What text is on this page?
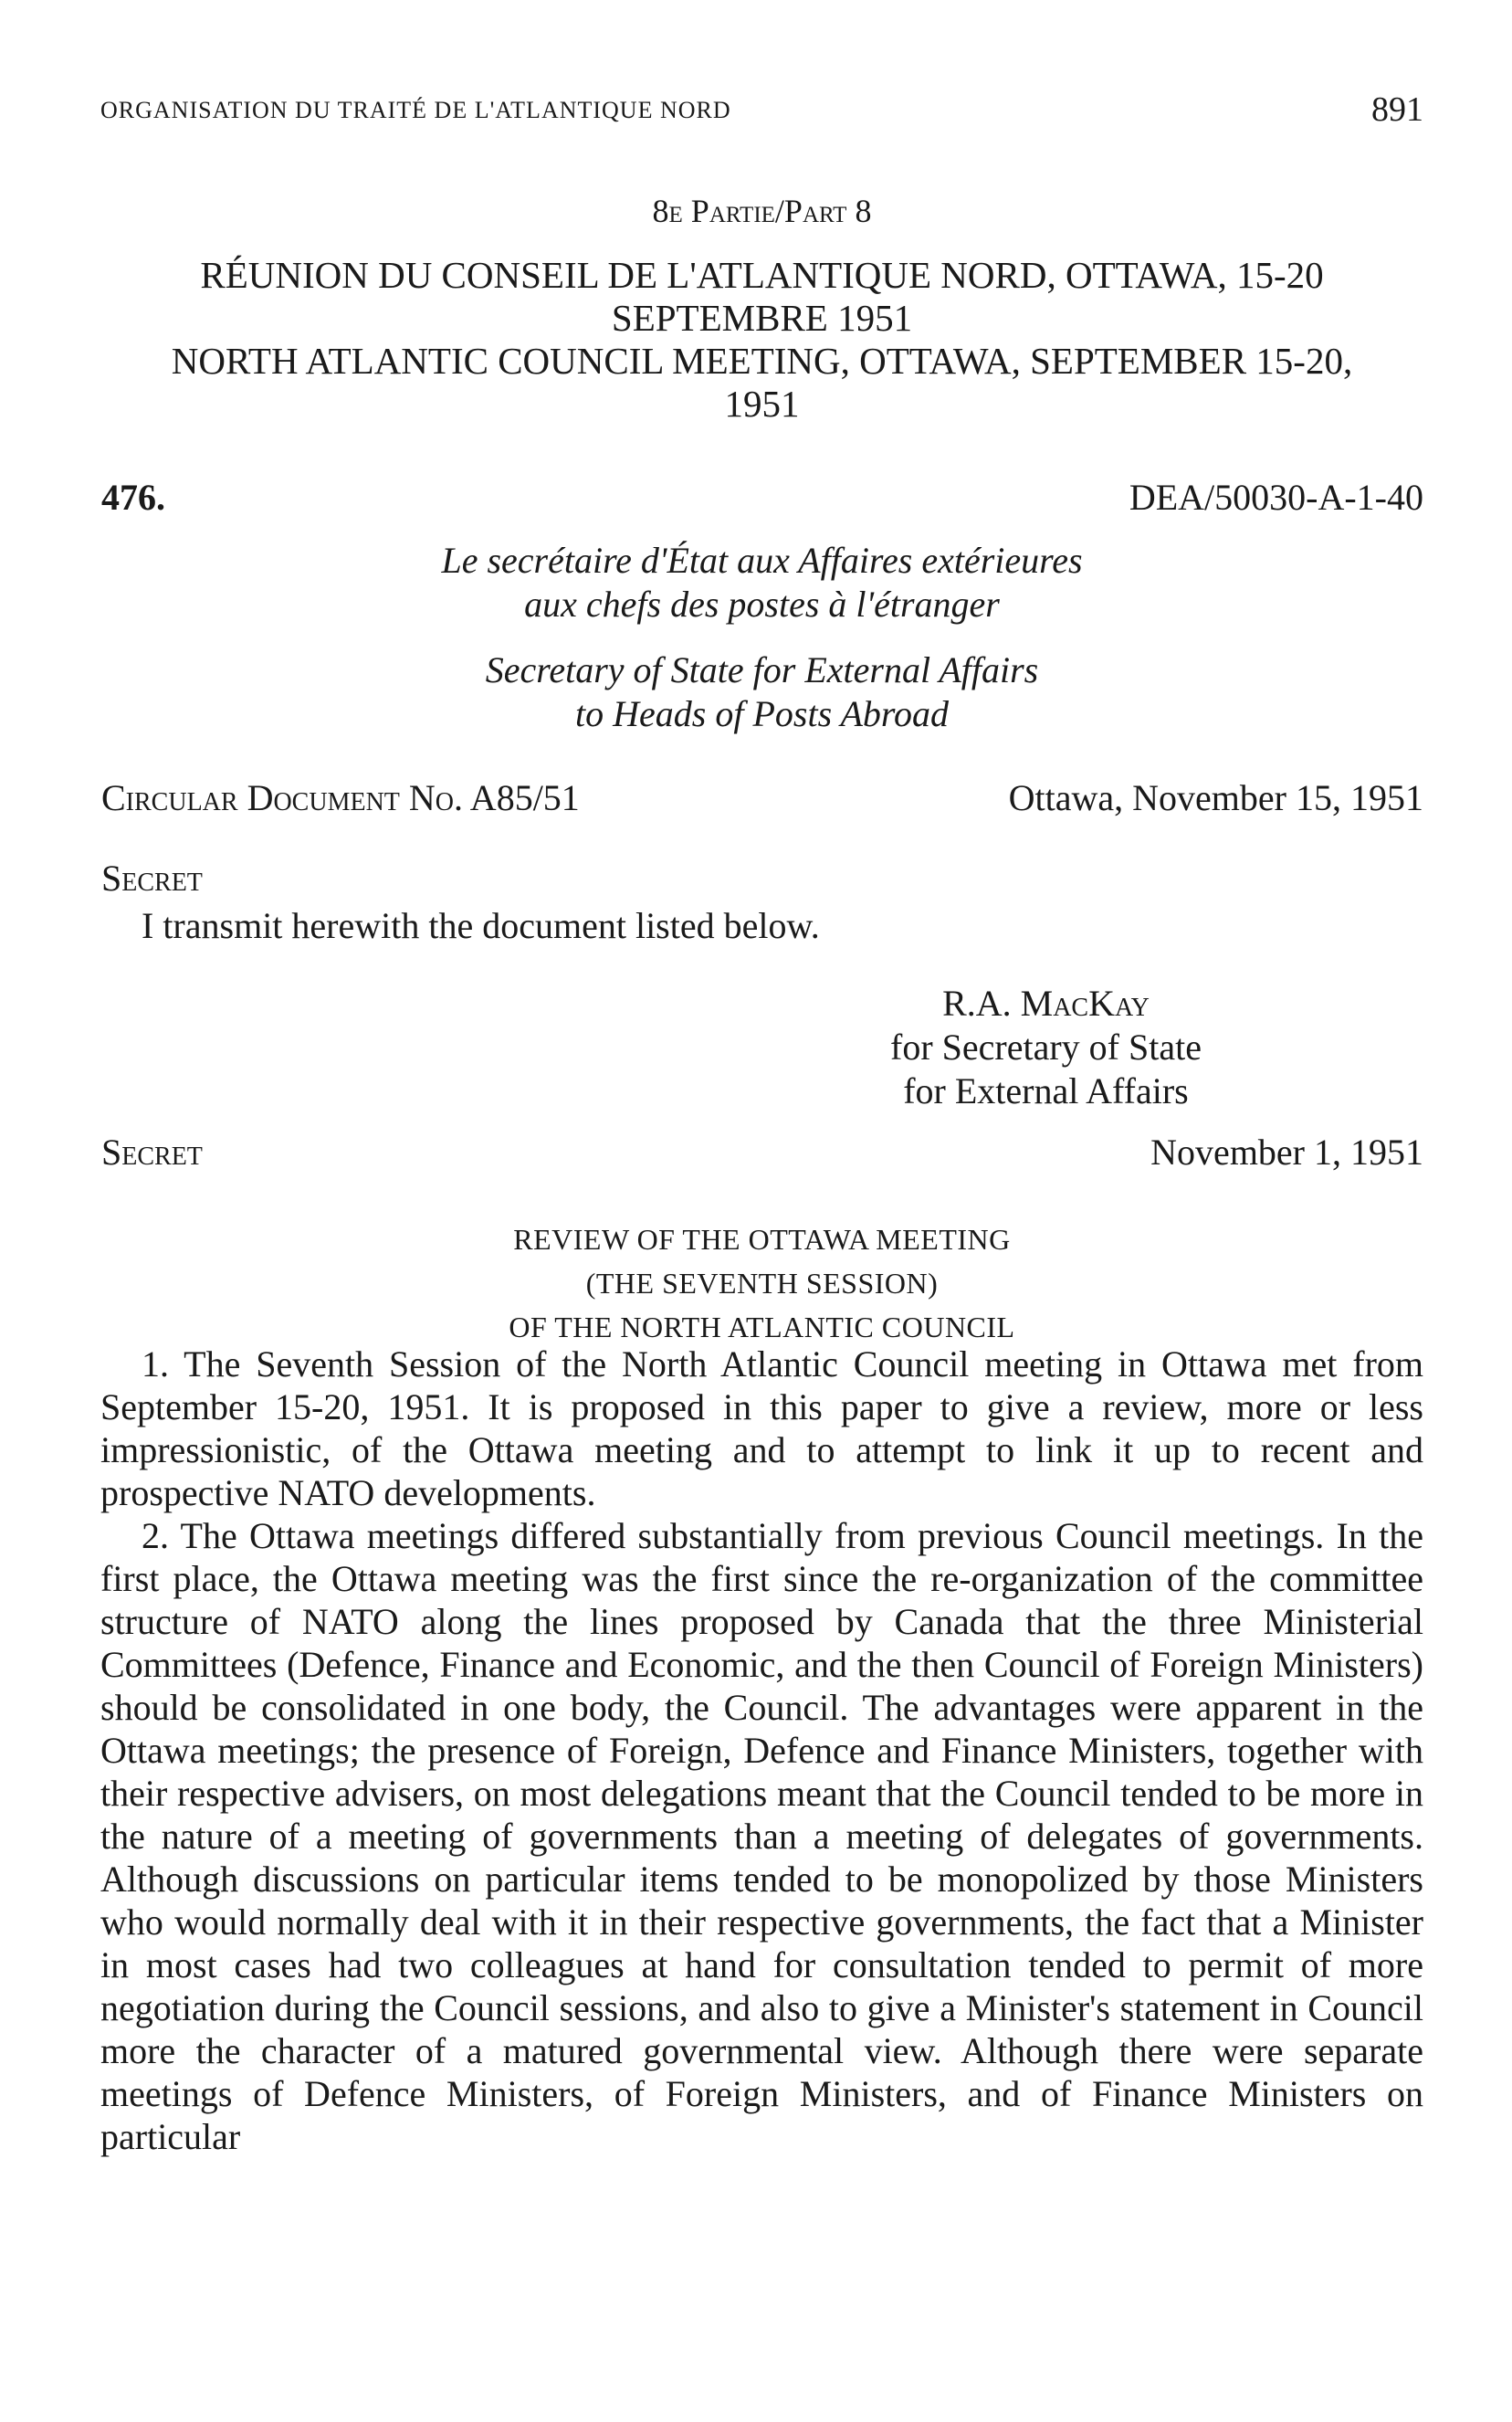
ORGANISATION DU TRAITÉ DE L'ATLANTIQUE NORD	891
8e Partie/Part 8
RÉUNION DU CONSEIL DE L'ATLANTIQUE NORD, OTTAWA, 15-20
SEPTEMBRE 1951
NORTH ATLANTIC COUNCIL MEETING, OTTAWA, SEPTEMBER 15-20,
1951
476.	DEA/50030-A-1-40
Le secrétaire d'État aux Affaires extérieures
aux chefs des postes à l'étranger
Secretary of State for External Affairs
to Heads of Posts Abroad
Circular Document No. A85/51	Ottawa, November 15, 1951
Secret
I transmit herewith the document listed below.
R.A. MacKay
for Secretary of State
for External Affairs
Secret	November 1, 1951
REVIEW OF THE OTTAWA MEETING
(THE SEVENTH SESSION)
OF THE NORTH ATLANTIC COUNCIL

1. The Seventh Session of the North Atlantic Council meeting in Ottawa met from September 15-20, 1951. It is proposed in this paper to give a review, more or less impressionistic, of the Ottawa meeting and to attempt to link it up to recent and prospective NATO developments.

2. The Ottawa meetings differed substantially from previous Council meetings. In the first place, the Ottawa meeting was the first since the re-organization of the committee structure of NATO along the lines proposed by Canada that the three Ministerial Committees (Defence, Finance and Economic, and the then Council of Foreign Ministers) should be consolidated in one body, the Council. The advantages were apparent in the Ottawa meetings; the presence of Foreign, Defence and Finance Ministers, together with their respective advisers, on most delegations meant that the Council tended to be more in the nature of a meeting of governments than a meeting of delegates of governments. Although discussions on particular items tended to be monopolized by those Ministers who would normally deal with it in their respective governments, the fact that a Minister in most cases had two colleagues at hand for consultation tended to permit of more negotiation during the Council sessions, and also to give a Minister's statement in Council more the character of a matured governmental view. Although there were separate meetings of Defence Ministers, of Foreign Ministers, and of Finance Ministers on particular
